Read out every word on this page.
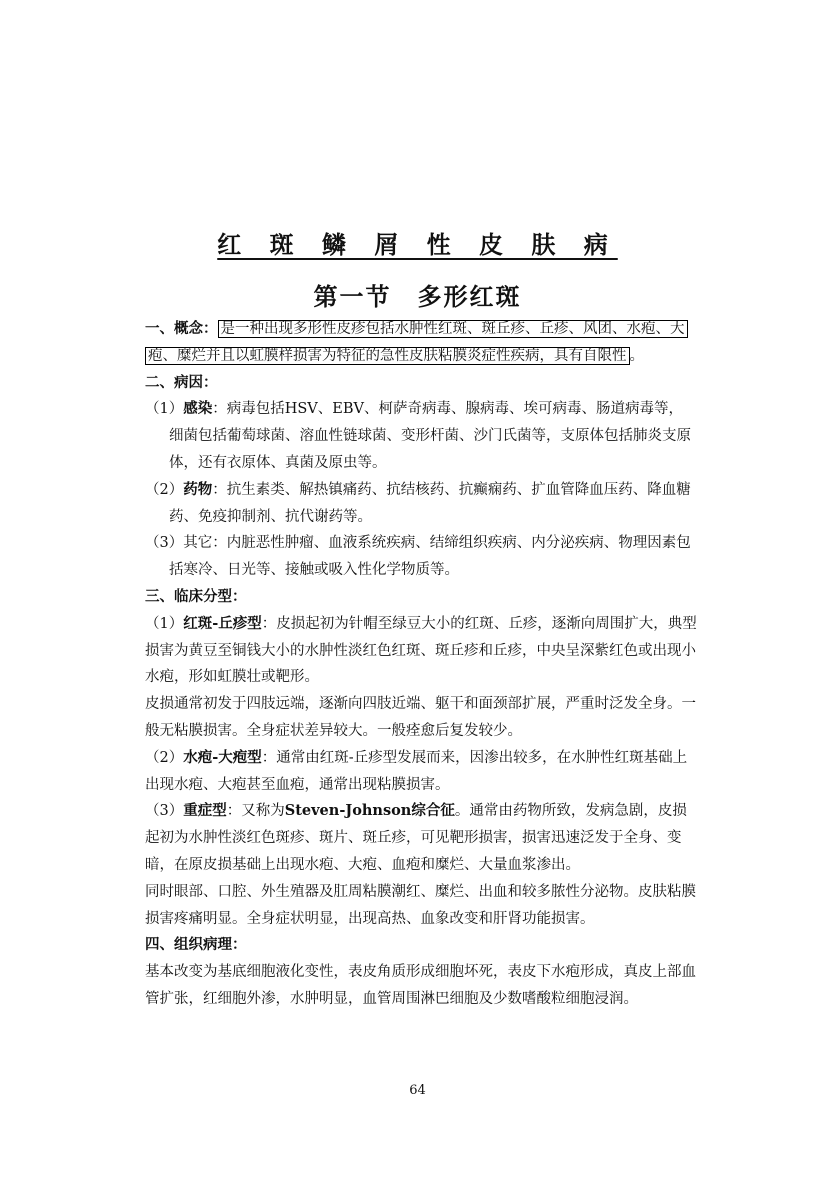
红 斑 鳞 屑 性 皮 肤 病
第一节　多形红斑

一、概念： 是一种出现多形性皮疹包括水肿性红斑、斑丘疹、丘疹、风团、水疱、大疱、糜烂并且以虹膜样损害为特征的急性皮肤粘膜炎症性疾病，具有自限性 。

二、病因：

（1）感染：病毒包括HSV、EBV、柯萨奇病毒、腺病毒、埃可病毒、肠道病毒等，细菌包括葡萄球菌、溶血性链球菌、变形杆菌、沙门氏菌等，支原体包括肺炎支原体，还有衣原体、真菌及原虫等。

（2）药物：抗生素类、解热镇痛药、抗结核药、抗癫痫药、扩血管降血压药、降血糖药、免疫抑制剂、抗代谢药等。

（3）其它：内脏恶性肿瘤、血液系统疾病、结缔组织疾病、内分泌疾病、物理因素包括寒冷、日光等、接触或吸入性化学物质等。

三、临床分型：

（1）红斑-丘疹型：皮损起初为针帽至绿豆大小的红斑、丘疹，逐渐向周围扩大，典型损害为黄豆至铜钱大小的水肿性淡红色红斑、斑丘疹和丘疹，中央呈深紫红色或出现小水疱，形如虹膜壮或靶形。

皮损通常初发于四肢远端，逐渐向四肢近端、躯干和面颈部扩展，严重时泛发全身。一般无粘膜损害。全身症状差异较大。一般痊愈后复发较少。

（2）水疱-大疱型：通常由红斑-丘疹型发展而来，因渗出较多，在水肿性红斑基础上出现水疱、大疱甚至血疱，通常出现粘膜损害。

（3）重症型：又称为Steven-Johnson综合征。通常由药物所致，发病急剧，皮损起初为水肿性淡红色斑疹、斑片、斑丘疹，可见靶形损害，损害迅速泛发于全身、变暗，在原皮损基础上出现水疱、大疱、血疱和糜烂、大量血浆渗出。

同时眼部、口腔、外生殖器及肛周粘膜潮红、糜烂、出血和较多脓性分泌物。皮肤粘膜损害疼痛明显。全身症状明显，出现高热、血象改变和肝肾功能损害。

四、组织病理：

基本改变为基底细胞液化变性，表皮角质形成细胞坏死，表皮下水疱形成，真皮上部血管扩张，红细胞外渗，水肿明显，血管周围淋巴细胞及少数嗜酸粒细胞浸润。

64
